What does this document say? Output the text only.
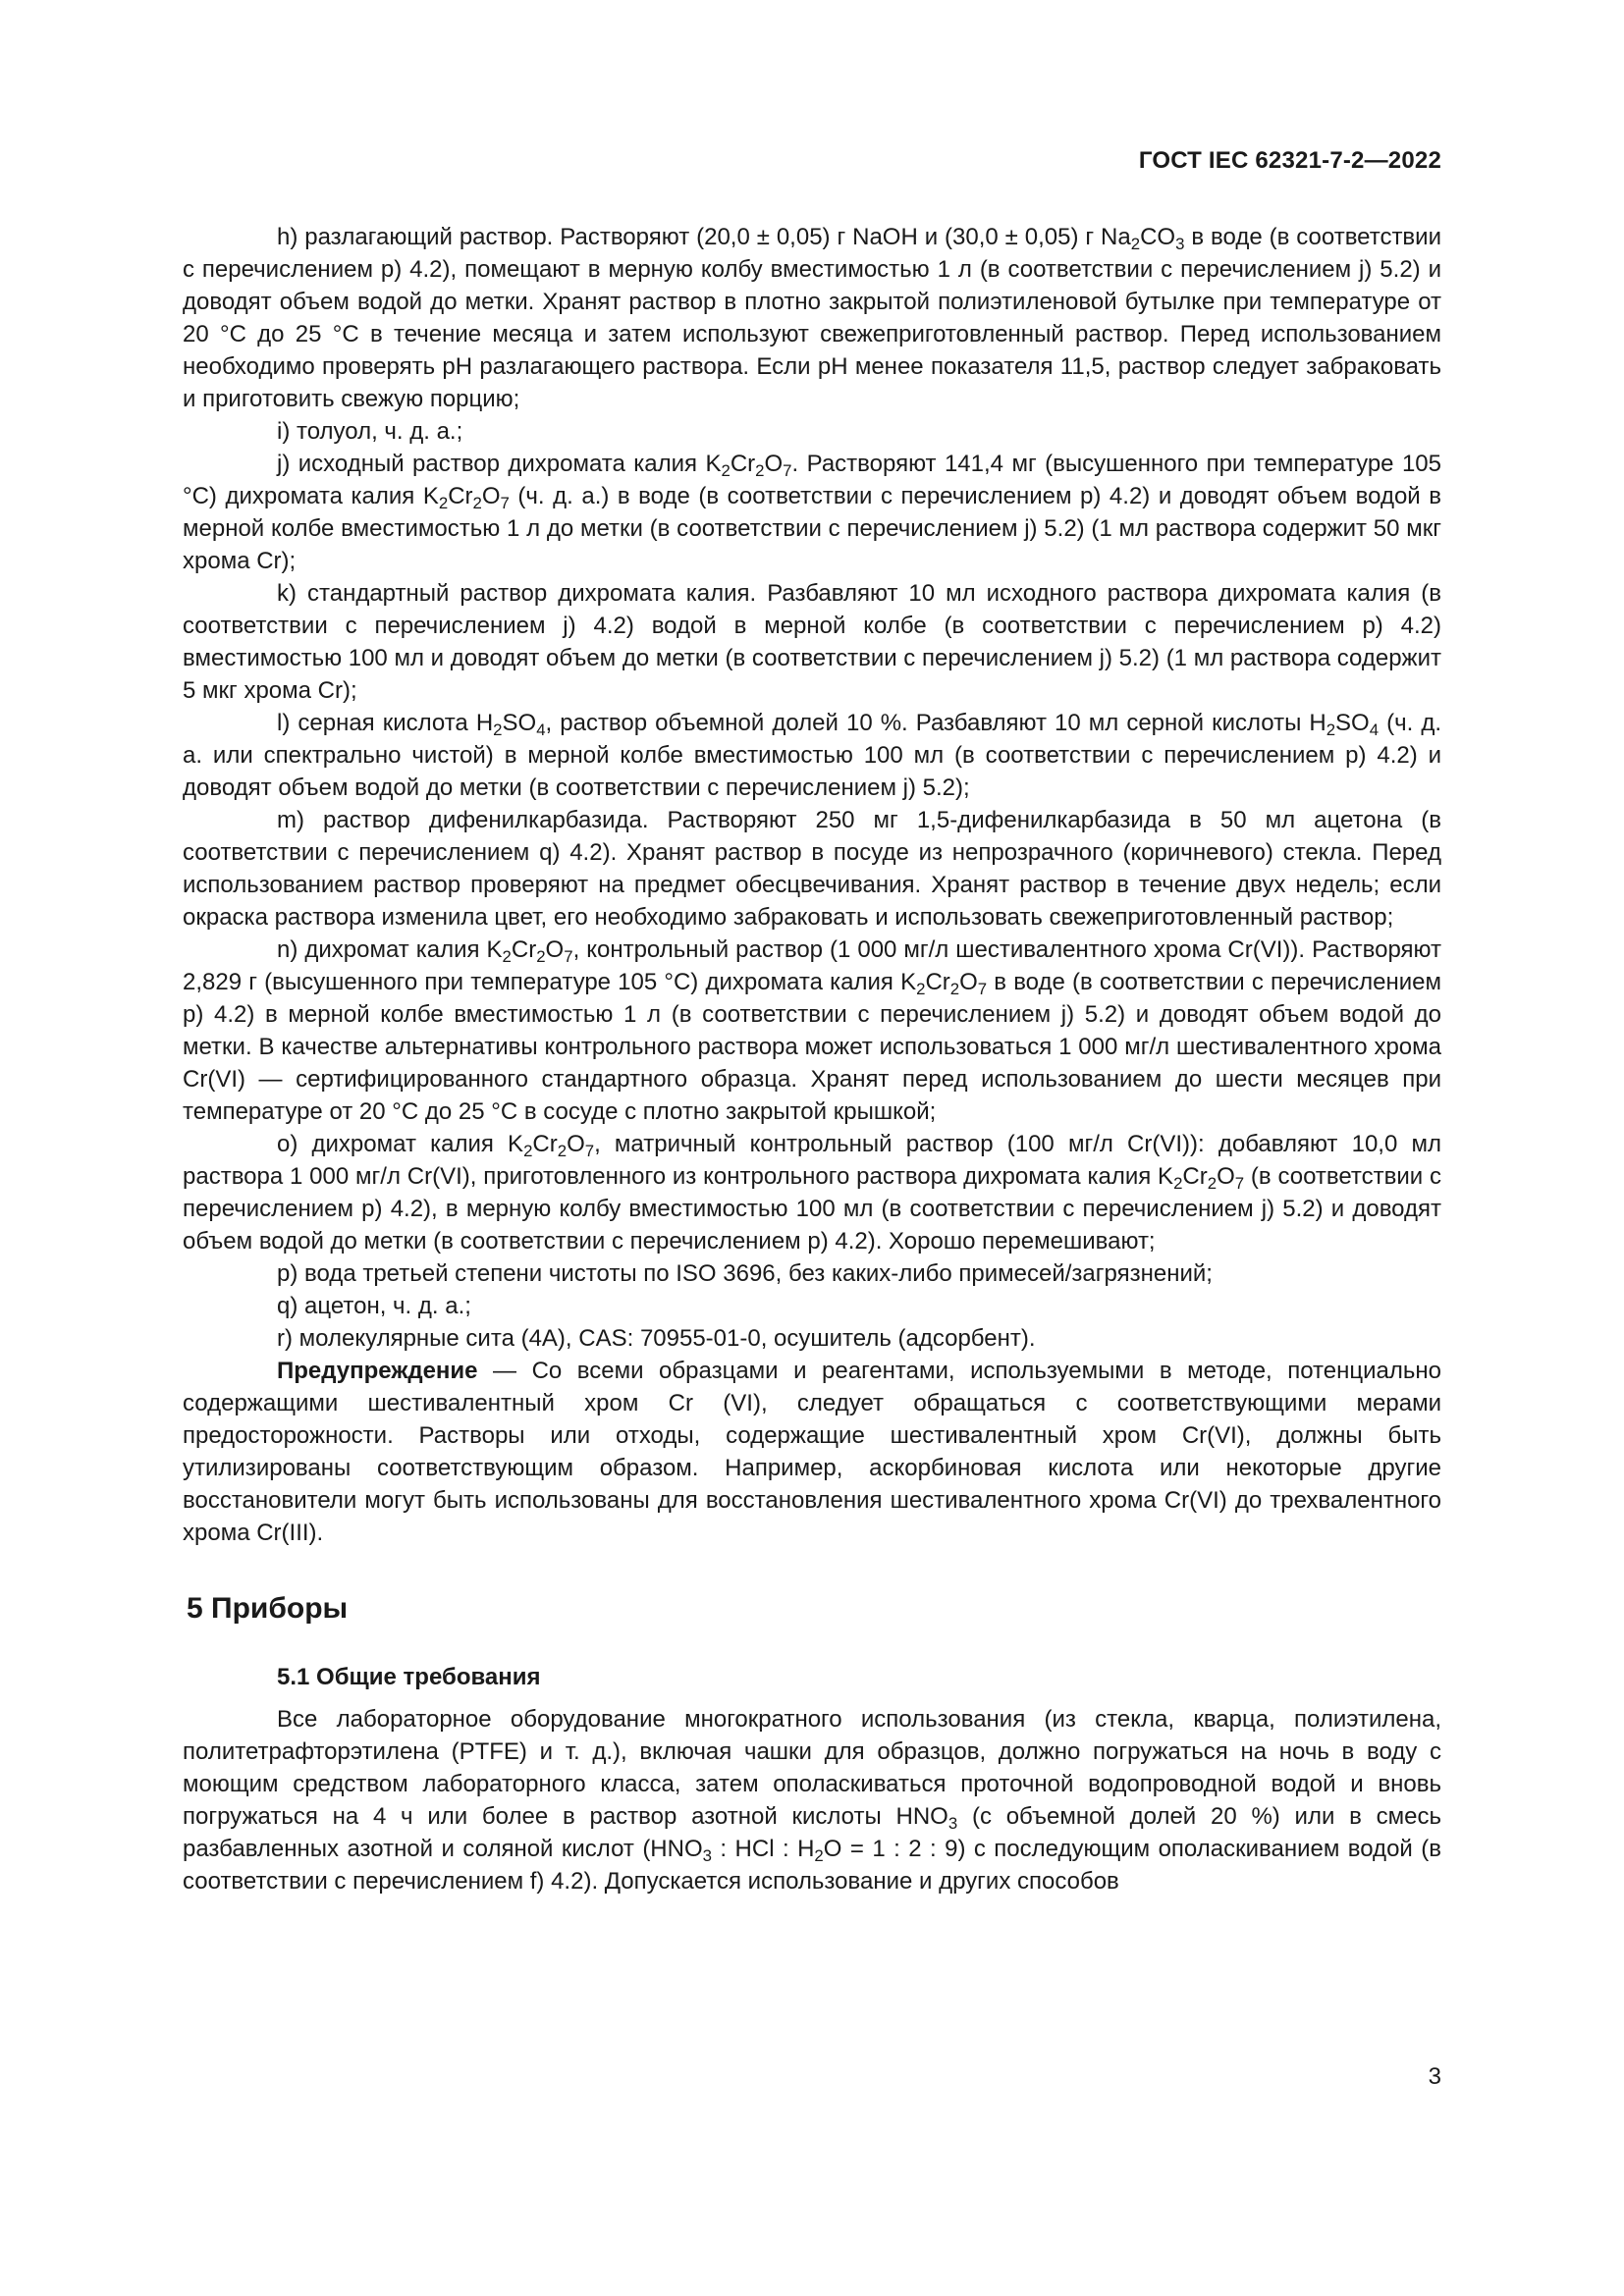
ГОСТ IEC 62321-7-2—2022

h) разлагающий раствор. Растворяют (20,0 ± 0,05) г NaOH и (30,0 ± 0,05) г $Na_2CO_3$ в воде (в соответствии с перечислением p) 4.2), помещают в мерную колбу вместимостью 1 л (в соответствии с перечислением j) 5.2) и доводят объем водой до метки. Хранят раствор в плотно закрытой полиэтиленовой бутылке при температуре от 20 °C до 25 °C в течение месяца и затем используют свежеприготовленный раствор. Перед использованием необходимо проверять pH разлагающего раствора. Если pH менее показателя 11,5, раствор следует забраковать и приготовить свежую порцию;

i) толуол, ч. д. а.;

j) исходный раствор дихромата калия $K_2Cr_2O_7$. Растворяют 141,4 мг (высушенного при температуре 105 °C) дихромата калия $K_2Cr_2O_7$ (ч. д. а.) в воде (в соответствии с перечислением p) 4.2) и доводят объем водой в мерной колбе вместимостью 1 л до метки (в соответствии с перечислением j) 5.2) (1 мл раствора содержит 50 мкг хрома Cr);

k) стандартный раствор дихромата калия. Разбавляют 10 мл исходного раствора дихромата калия (в соответствии с перечислением j) 4.2) водой в мерной колбе (в соответствии с перечислением p) 4.2) вместимостью 100 мл и доводят объем до метки (в соответствии с перечислением j) 5.2) (1 мл раствора содержит 5 мкг хрома Cr);

l) серная кислота $H_2SO_4$, раствор объемной долей 10 %. Разбавляют 10 мл серной кислоты $H_2SO_4$ (ч. д. а. или спектрально чистой) в мерной колбе вместимостью 100 мл (в соответствии с перечислением p) 4.2) и доводят объем водой до метки (в соответствии с перечислением j) 5.2);

m) раствор дифенилкарбазида. Растворяют 250 мг 1,5-дифенилкарбазида в 50 мл ацетона (в соответствии с перечислением q) 4.2). Хранят раствор в посуде из непрозрачного (коричневого) стекла. Перед использованием раствор проверяют на предмет обесцвечивания. Хранят раствор в течение двух недель; если окраска раствора изменила цвет, его необходимо забраковать и использовать свежеприготовленный раствор;

n) дихромат калия $K_2Cr_2O_7$, контрольный раствор (1 000 мг/л шестивалентного хрома Cr(VI)). Растворяют 2,829 г (высушенного при температуре 105 °C) дихромата калия $K_2Cr_2O_7$ в воде (в соответствии с перечислением p) 4.2) в мерной колбе вместимостью 1 л (в соответствии с перечислением j) 5.2) и доводят объем водой до метки. В качестве альтернативы контрольного раствора может использоваться 1 000 мг/л шестивалентного хрома Cr(VI) — сертифицированного стандартного образца. Хранят перед использованием до шести месяцев при температуре от 20 °C до 25 °C в сосуде с плотно закрытой крышкой;

o) дихромат калия $K_2Cr_2O_7$, матричный контрольный раствор (100 мг/л Cr(VI)): добавляют 10,0 мл раствора 1 000 мг/л Cr(VI), приготовленного из контрольного раствора дихромата калия $K_2Cr_2O_7$ (в соответствии с перечислением p) 4.2), в мерную колбу вместимостью 100 мл (в соответствии с перечислением j) 5.2) и доводят объем водой до метки (в соответствии с перечислением p) 4.2). Хорошо перемешивают;

p) вода третьей степени чистоты по ISO 3696, без каких-либо примесей/загрязнений;

q) ацетон, ч. д. а.;

r) молекулярные сита (4A), CAS: 70955-01-0, осушитель (адсорбент).

Предупреждение — Со всеми образцами и реагентами, используемыми в методе, потенциально содержащими шестивалентный хром Cr (VI), следует обращаться с соответствующими мерами предосторожности. Растворы или отходы, содержащие шестивалентный хром Cr(VI), должны быть утилизированы соответствующим образом. Например, аскорбиновая кислота или некоторые другие восстановители могут быть использованы для восстановления шестивалентного хрома Cr(VI) до трехвалентного хрома Cr(III).

5 Приборы
5.1 Общие требования

Все лабораторное оборудование многократного использования (из стекла, кварца, полиэтилена, политетрафторэтилена (PTFE) и т. д.), включая чашки для образцов, должно погружаться на ночь в воду с моющим средством лабораторного класса, затем ополаскиваться проточной водопроводной водой и вновь погружаться на 4 ч или более в раствор азотной кислоты $HNO_3$ (с объемной долей 20 %) или в смесь разбавленных азотной и соляной кислот ($HNO_3$ : HCl : $H_2O = 1$ : 2 : 9) с последующим ополаскиванием водой (в соответствии с перечислением f) 4.2). Допускается использование и других способов

3
